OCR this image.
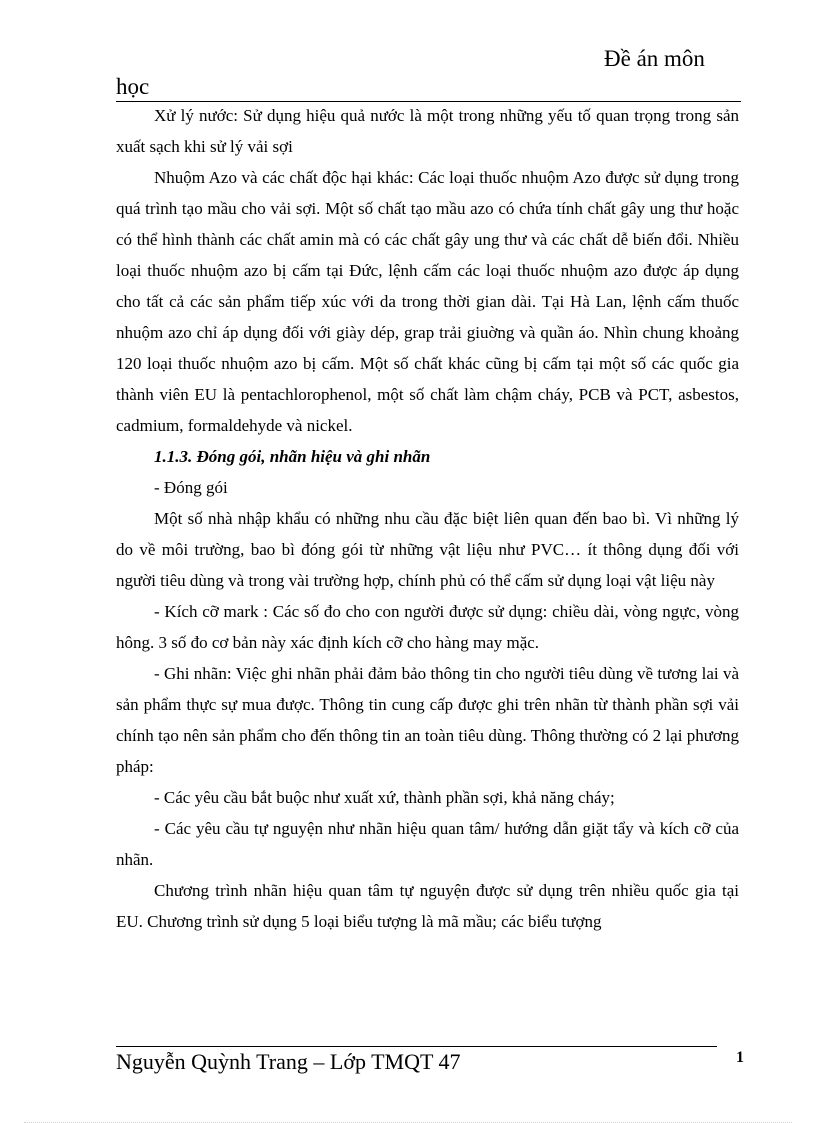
Đề án môn
học

Xử lý nước: Sử dụng hiệu quả nước là một trong những yếu tố quan trọng trong sản xuất sạch khi sử lý vải sợi

Nhuộm Azo và các chất độc hại khác: Các loại thuốc nhuộm Azo được sử dụng trong quá trình tạo mầu cho vải sợi. Một số chất tạo mầu azo có chứa tính chất gây ung thư hoặc có thể hình thành các chất amin mà có các chất gây ung thư và các chất dễ biến đổi. Nhiều loại thuốc nhuộm azo bị cấm tại Đức, lệnh cấm các loại thuốc nhuộm azo được áp dụng cho tất cả các sản phẩm tiếp xúc với da trong thời gian dài. Tại Hà Lan, lệnh cấm thuốc nhuộm azo chỉ áp dụng đối với giày dép, grap trải giuờng và quần áo. Nhìn chung khoảng 120 loại thuốc nhuộm azo bị cấm. Một số chất khác cũng bị cấm tại một số các quốc gia thành viên EU là pentachlorophenol, một số chất làm chậm cháy, PCB và PCT, asbestos, cadmium, formaldehyde và nickel.

1.1.3. Đóng gói, nhãn hiệu và ghi nhãn

- Đóng gói

Một số nhà nhập khẩu có những nhu cầu đặc biệt liên quan đến bao bì. Vì những lý do về môi trường, bao bì đóng gói từ những vật liệu như PVC… ít thông dụng đối với người tiêu dùng và trong vài trường hợp, chính phủ có thể cấm sử dụng loại vật liệu này

- Kích cỡ mark : Các số đo cho con người được sử dụng: chiều dài, vòng ngực, vòng hông. 3 số đo cơ bản này xác định kích cỡ cho hàng may mặc.

- Ghi nhãn: Việc ghi nhãn phải đảm bảo thông tin cho người tiêu dùng về tương lai và sản phẩm thực sự mua được. Thông tin cung cấp được ghi trên nhãn từ thành phần sợi vải chính tạo nên sản phẩm cho đến thông tin an toàn tiêu dùng. Thông thường có 2 lại phương pháp:

- Các yêu cầu bắt buộc như xuất xứ, thành phần sợi, khả năng cháy;

- Các yêu cầu tự nguyện như nhãn hiệu quan tâm/ hướng dẫn giặt tẩy và kích cỡ của nhãn.

Chương trình nhãn hiệu quan tâm tự nguyện được sử dụng trên nhiều quốc gia tại EU. Chương trình sử dụng 5 loại biểu tượng là mã mầu; các biểu tượng

Nguyễn Quỳnh Trang – Lớp TMQT 47	1
